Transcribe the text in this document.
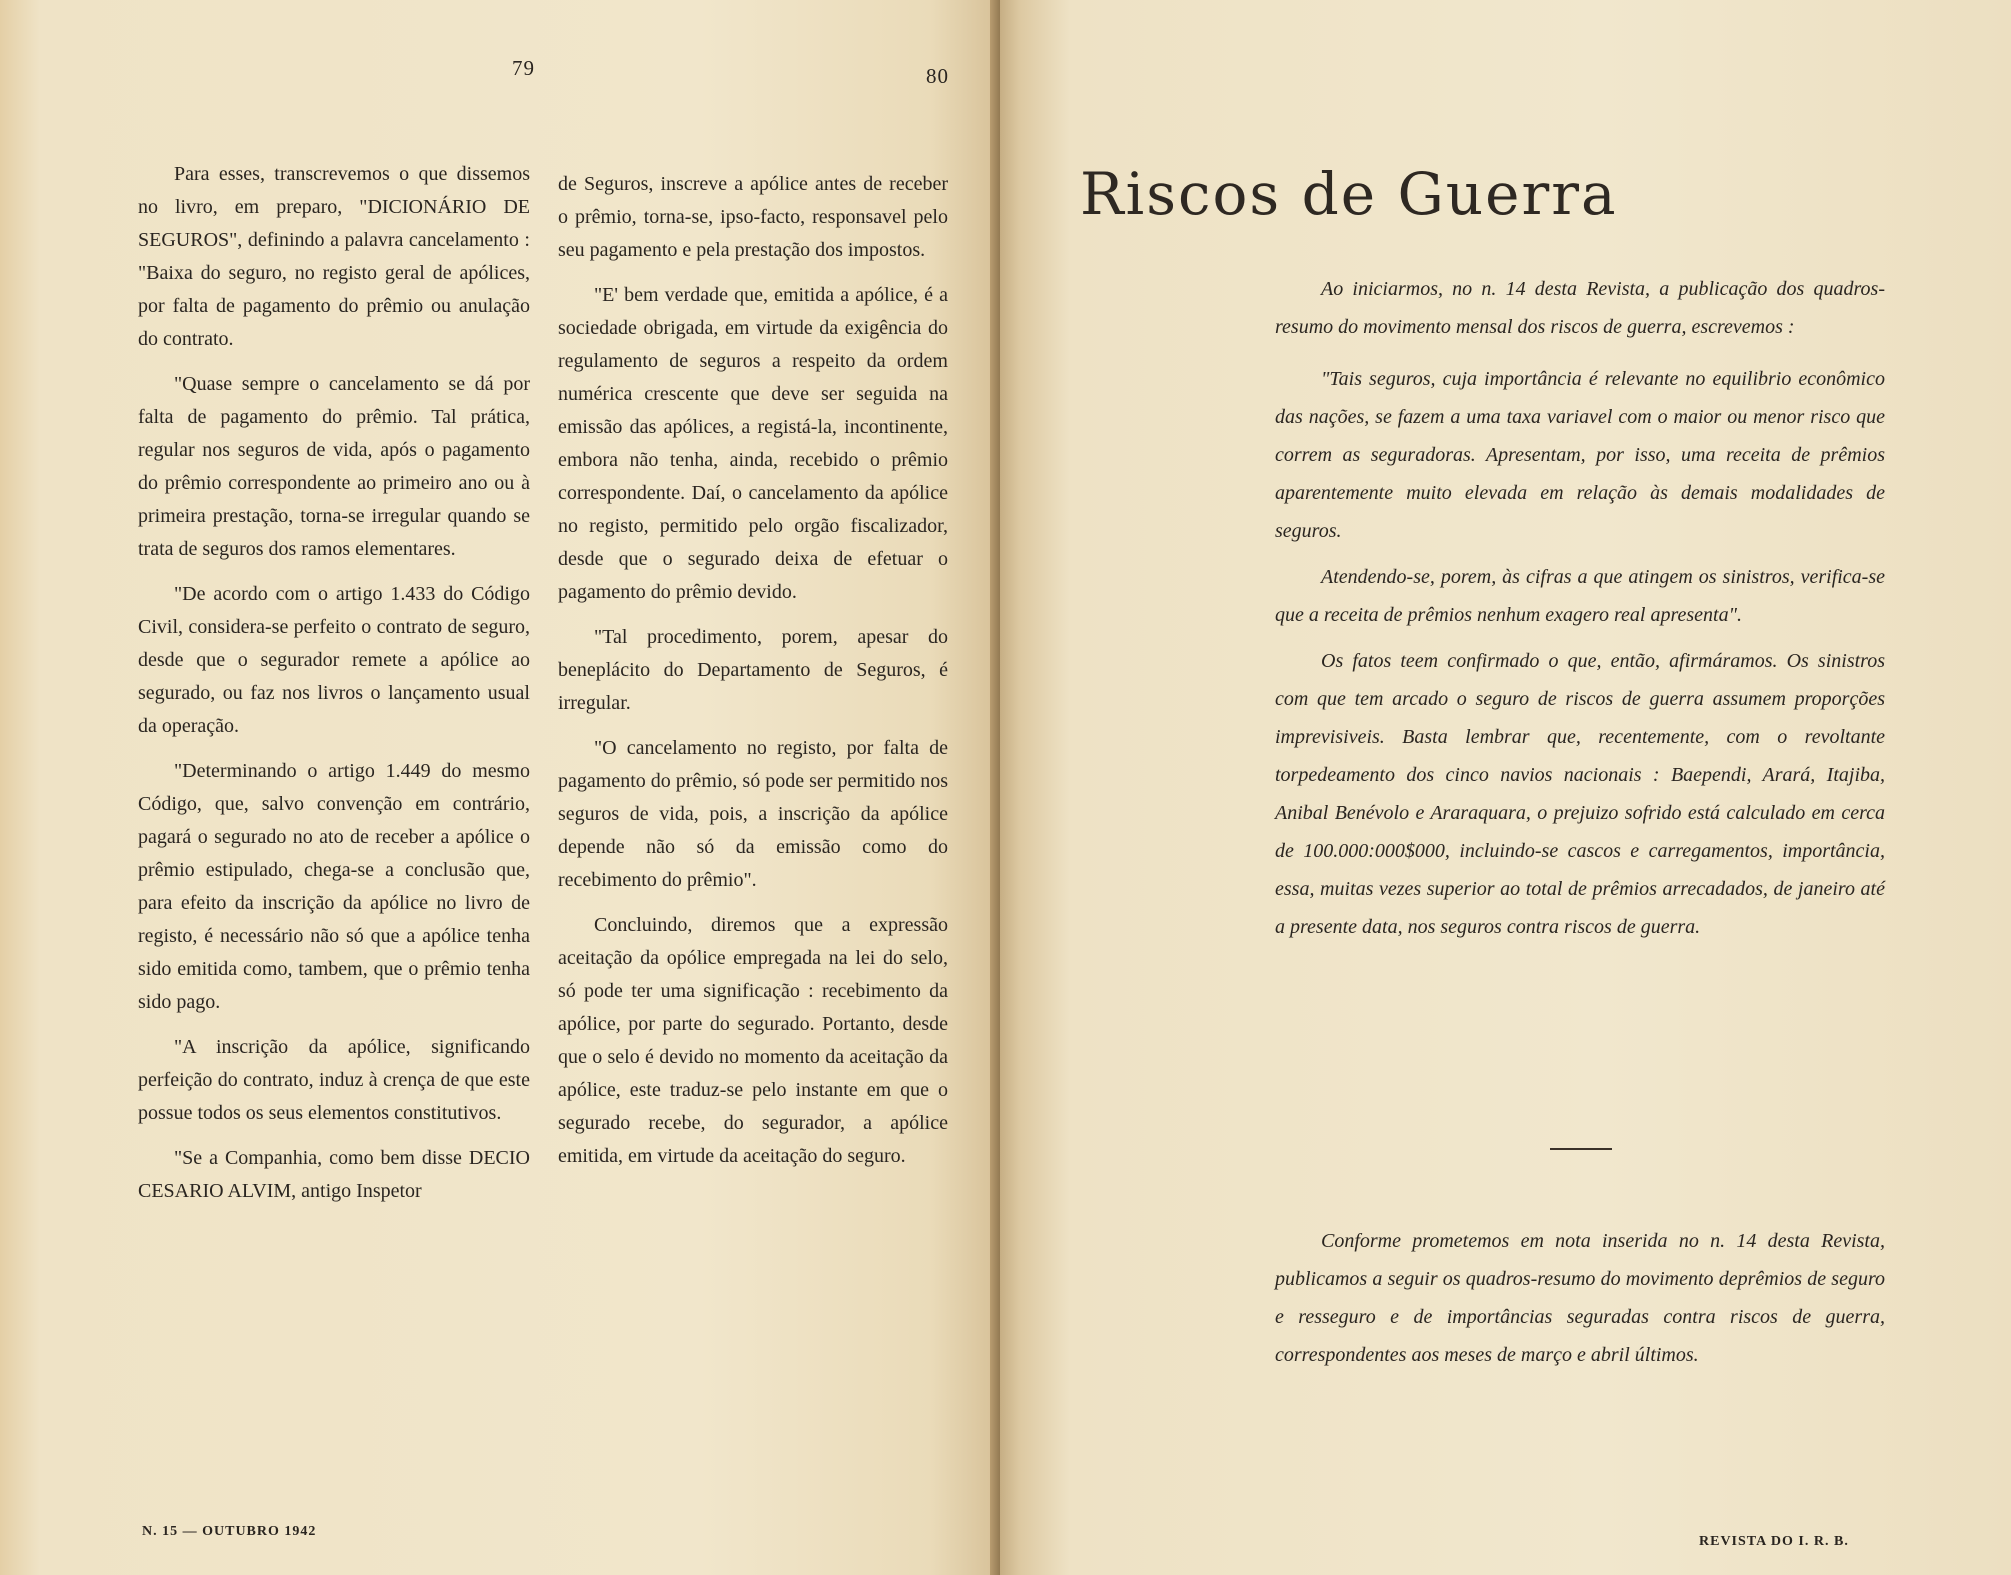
79	80

Para esses, transcrevemos o que dissemos no livro, em preparo, "DICIONÁRIO DE SEGUROS", definindo a palavra cancelamento : "Baixa do seguro, no registo geral de apólices, por falta de pagamento do prêmio ou anulação do contrato.

"Quase sempre o cancelamento se dá por falta de pagamento do prêmio. Tal prática, regular nos seguros de vida, após o pagamento do prêmio correspondente ao primeiro ano ou à primeira prestação, torna-se irregular quando se trata de seguros dos ramos elementares.

"De acordo com o artigo 1.433 do Código Civil, considera-se perfeito o contrato de seguro, desde que o segurador remete a apólice ao segurado, ou faz nos livros o lançamento usual da operação.

"Determinando o artigo 1.449 do mesmo Código, que, salvo convenção em contrário, pagará o segurado no ato de receber a apólice o prêmio estipulado, chega-se a conclusão que, para efeito da inscrição da apólice no livro de registo, é necessário não só que a apólice tenha sido emitida como, tambem, que o prêmio tenha sido pago.

"A inscrição da apólice, significando perfeição do contrato, induz à crença de que este possue todos os seus elementos constitutivos.

"Se a Companhia, como bem disse DECIO CESARIO ALVIM, antigo Inspetor

de Seguros, inscreve a apólice antes de receber o prêmio, torna-se, ipso-facto, responsavel pelo seu pagamento e pela prestação dos impostos.

"E' bem verdade que, emitida a apólice, é a sociedade obrigada, em virtude da exigência do regulamento de seguros a respeito da ordem numérica crescente que deve ser seguida na emissão das apólices, a registá-la, incontinente, embora não tenha, ainda, recebido o prêmio correspondente. Daí, o cancelamento da apólice no registo, permitido pelo orgão fiscalizador, desde que o segurado deixa de efetuar o pagamento do prêmio devido.

"Tal procedimento, porem, apesar do beneplácito do Departamento de Seguros, é irregular.

"O cancelamento no registo, por falta de pagamento do prêmio, só pode ser permitido nos seguros de vida, pois, a inscrição da apólice depende não só da emissão como do recebimento do prêmio".

Concluindo, diremos que a expressão aceitação da opólice empregada na lei do selo, só pode ter uma significação : recebimento da apólice, por parte do segurado. Portanto, desde que o selo é devido no momento da aceitação da apólice, este traduz-se pelo instante em que o segurado recebe, do segurador, a apólice emitida, em virtude da aceitação do seguro.

N. 15 — OUTUBRO 1942
Riscos de Guerra

Ao iniciarmos, no n. 14 desta Revista, a publicação dos quadros-resumo do movimento mensal dos riscos de guerra, escrevemos :

"Tais seguros, cuja importância é relevante no equilibrio econômico das nações, se fazem a uma taxa variavel com o maior ou menor risco que correm as seguradoras. Apresentam, por isso, uma receita de prêmios aparentemente muito elevada em relação às demais modalidades de seguros.

Atendendo-se, porem, às cifras a que atingem os sinistros, verifica-se que a receita de prêmios nenhum exagero real apresenta".

Os fatos teem confirmado o que, então, afirmáramos. Os sinistros com que tem arcado o seguro de riscos de guerra assumem proporções imprevisiveis. Basta lembrar que, recentemente, com o revoltante torpedeamento dos cinco navios nacionais : Baependi, Arará, Itajiba, Anibal Benévolo e Araraquara, o prejuizo sofrido está calculado em cerca de 100.000:000$000, incluindo-se cascos e carregamentos, importância, essa, muitas vezes superior ao total de prêmios arrecadados, de janeiro até a presente data, nos seguros contra riscos de guerra.

Conforme prometemos em nota inserida no n. 14 desta Revista, publicamos a seguir os quadros-resumo do movimento deprêmios de seguro e resseguro e de importâncias seguradas contra riscos de guerra, correspondentes aos meses de março e abril últimos.

REVISTA DO I. R. B.
